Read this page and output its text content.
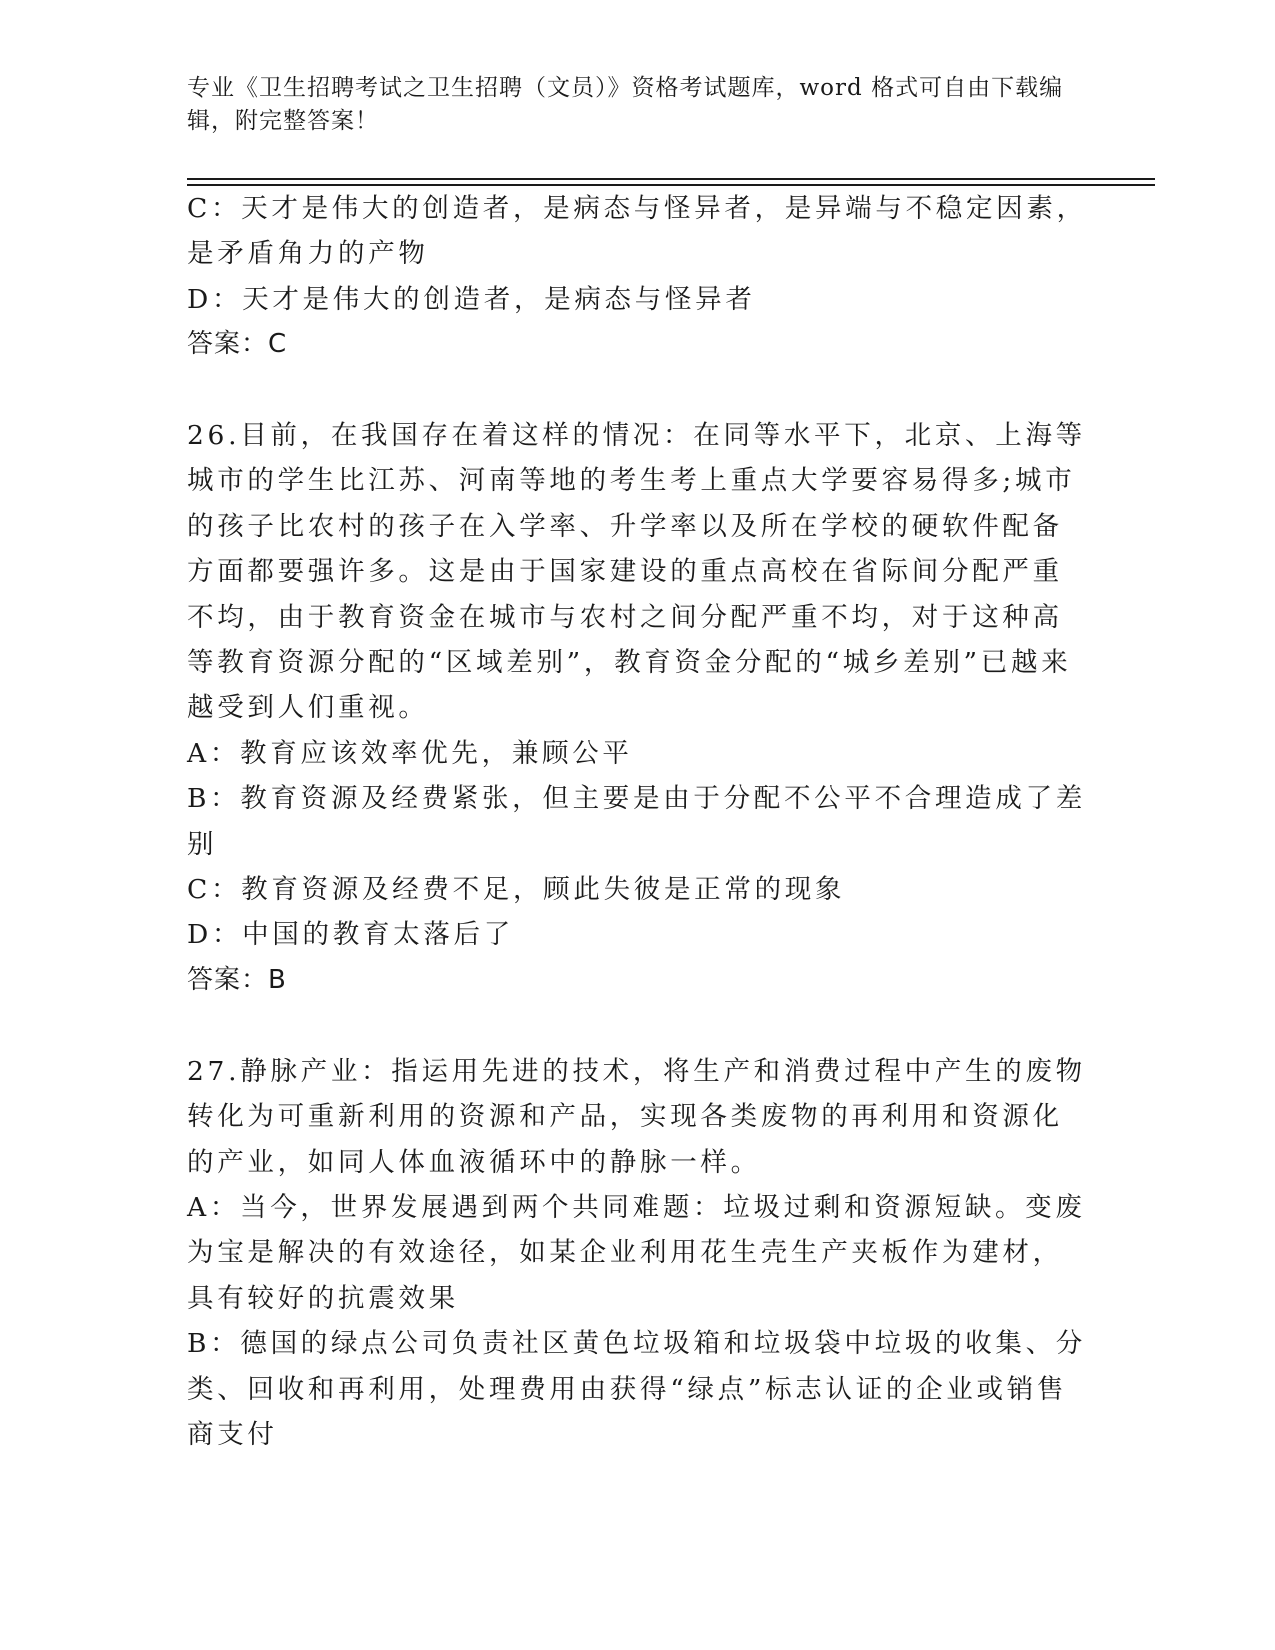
专业《卫生招聘考试之卫生招聘（文员）》资格考试题库，word 格式可自由下载编辑，附完整答案！

C：天才是伟大的创造者，是病态与怪异者，是异端与不稳定因素，是矛盾角力的产物

D：天才是伟大的创造者，是病态与怪异者

答案：C

26.目前，在我国存在着这样的情况：在同等水平下，北京、上海等城市的学生比江苏、河南等地的考生考上重点大学要容易得多;城市的孩子比农村的孩子在入学率、升学率以及所在学校的硬软件配备方面都要强许多。这是由于国家建设的重点高校在省际间分配严重不均，由于教育资金在城市与农村之间分配严重不均，对于这种高等教育资源分配的“区域差别”，教育资金分配的“城乡差别”已越来越受到人们重视。

A：教育应该效率优先，兼顾公平

B：教育资源及经费紧张，但主要是由于分配不公平不合理造成了差别

C：教育资源及经费不足，顾此失彼是正常的现象

D：中国的教育太落后了

答案：B

27.静脉产业：指运用先进的技术，将生产和消费过程中产生的废物转化为可重新利用的资源和产品，实现各类废物的再利用和资源化的产业，如同人体血液循环中的静脉一样。

A：当今，世界发展遇到两个共同难题：垃圾过剩和资源短缺。变废为宝是解决的有效途径，如某企业利用花生壳生产夹板作为建材，具有较好的抗震效果

B：德国的绿点公司负责社区黄色垃圾箱和垃圾袋中垃圾的收集、分类、回收和再利用，处理费用由获得“绿点”标志认证的企业或销售商支付
